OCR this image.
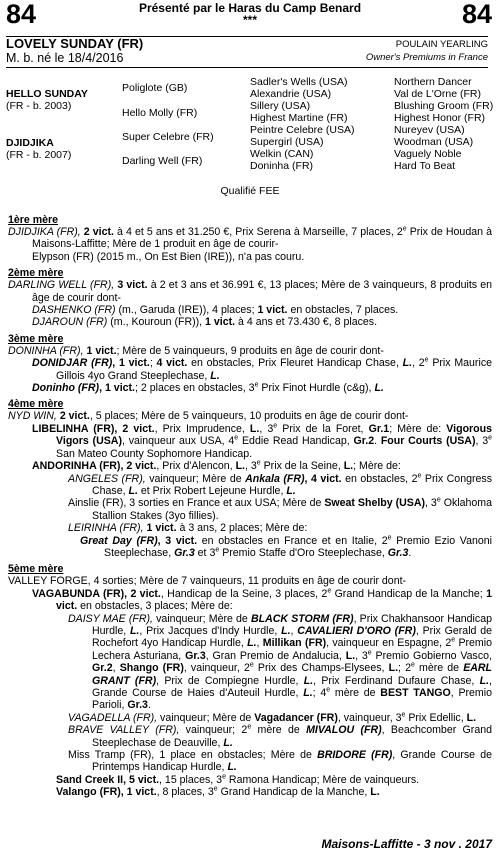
84	Présenté par le Haras du Camp Benard
***	84
LOVELY SUNDAY (FR)
M. b. né le 18/4/2016
POULAIN YEARLING
Owner's Premiums in France
HELLO SUNDAY
(FR - b. 2003)
DJIDJIKA
(FR - b. 2007)
Poliglote (GB)
Hello Molly (FR)
Super Celebre (FR)
Darling Well (FR)
Sadler's Wells (USA)
Alexandrie (USA)
Sillery (USA)
Highest Martine (FR)
Peintre Celebre (USA)
Supergirl (USA)
Welkin (CAN)
Doninha (FR)
Northern Dancer
Val de L'Orne (FR)
Blushing Groom (FR)
Highest Honor (FR)
Nureyev (USA)
Woodman (USA)
Vaguely Noble
Hard To Beat
Qualifié FEE
1ère mère

DJIDJIKA (FR), 2 vict. à 4 et 5 ans et 31.250 €, Prix Serena à Marseille, 7 places, 2e Prix de Houdan à Maisons-Laffitte; Mère de 1 produit en âge de courir-

Elypson (FR) (2015 m., On Est Bien (IRE)), n'a pas couru.

2ème mère

DARLING WELL (FR), 3 vict. à 2 et 3 ans et 36.991 €, 13 places; Mère de 3 vainqueurs, 8 produits en âge de courir dont-

DASHENKO (FR) (m., Garuda (IRE)), 4 places; 1 vict. en obstacles, 7 places.

DJAROUN (FR) (m., Kouroun (FR)), 1 vict. à 4 ans et 73.430 €, 8 places.

3ème mère

DONINHA (FR), 1 vict.; Mère de 5 vainqueurs, 9 produits en âge de courir dont-

DONIDJAR (FR), 1 vict.; 4 vict. en obstacles, Prix Fleuret Handicap Chase, L., 2e Prix Maurice Gillois 4yo Grand Steeplechase, L.

Doninho (FR), 1 vict.; 2 places en obstacles, 3e Prix Finot Hurdle (c&g), L.

4ème mère

NYD WIN, 2 vict., 5 places; Mère de 5 vainqueurs, 10 produits en âge de courir dont-

LIBELINHA (FR), 2 vict., Prix Imprudence, L., 3e Prix de la Foret, Gr.1; Mère de: Vigorous Vigors (USA), vainqueur aux USA, 4e Eddie Read Handicap, Gr.2. Four Courts (USA), 3e San Mateo County Sophomore Handicap.

ANDORINHA (FR), 2 vict., Prix d'Alencon, L., 3e Prix de la Seine, L.; Mère de:

ANGELES (FR), vainqueur; Mère de Ankala (FR), 4 vict. en obstacles, 2e Prix Congress Chase, L. et Prix Robert Lejeune Hurdle, L.

Ainslie (FR), 3 sorties en France et aux USA; Mère de Sweat Shelby (USA), 3e Oklahoma Stallion Stakes (3yo fillies).

LEIRINHA (FR), 1 vict. à 3 ans, 2 places; Mère de:

Great Day (FR), 3 vict. en obstacles en France et en Italie, 2e Premio Ezio Vanoni Steeplechase, Gr.3 et 3e Premio Staffe d'Oro Steeplechase, Gr.3.

5ème mère

VALLEY FORGE, 4 sorties; Mère de 7 vainqueurs, 11 produits en âge de courir dont-

VAGABUNDA (FR), 2 vict., Handicap de la Seine, 3 places, 2e Grand Handicap de la Manche; 1 vict. en obstacles, 3 places; Mère de:

DAISY MAE (FR), vainqueur; Mère de BLACK STORM (FR), Prix Chakhansoor Handicap Hurdle, L., Prix Jacques d'Indy Hurdle, L., CAVALIERI D'ORO (FR), Prix Gerald de Rochefort 4yo Handicap Hurdle, L., Millikan (FR), vainqueur en Espagne, 2e Premio Lechera Asturiana, Gr.3, Gran Premio de Andalucia, L., 3e Premio Gobierno Vasco, Gr.2, Shango (FR), vainqueur, 2e Prix des Champs-Elysees, L.; 2e mère de EARL GRANT (FR), Prix de Compiegne Hurdle, L., Prix Ferdinand Dufaure Chase, L., Grande Course de Haies d'Auteuil Hurdle, L.; 4e mère de BEST TANGO, Premio Parioli, Gr.3.

VAGADELLA (FR), vainqueur; Mère de Vagadancer (FR), vainqueur, 3e Prix Edellic, L.

BRAVE VALLEY (FR), vainqueur; 2e mère de MIVALOU (FR), Beachcomber Grand Steeplechase de Deauville, L.

Miss Tramp (FR), 1 place en obstacles; Mère de BRIDORE (FR), Grande Course de Printemps Handicap Hurdle, L.

Sand Creek II, 5 vict., 15 places, 3e Ramona Handicap; Mère de vainqueurs.

Valango (FR), 1 vict., 8 places, 3e Grand Handicap de la Manche, L.

Maisons-Laffitte - 3 nov . 2017
